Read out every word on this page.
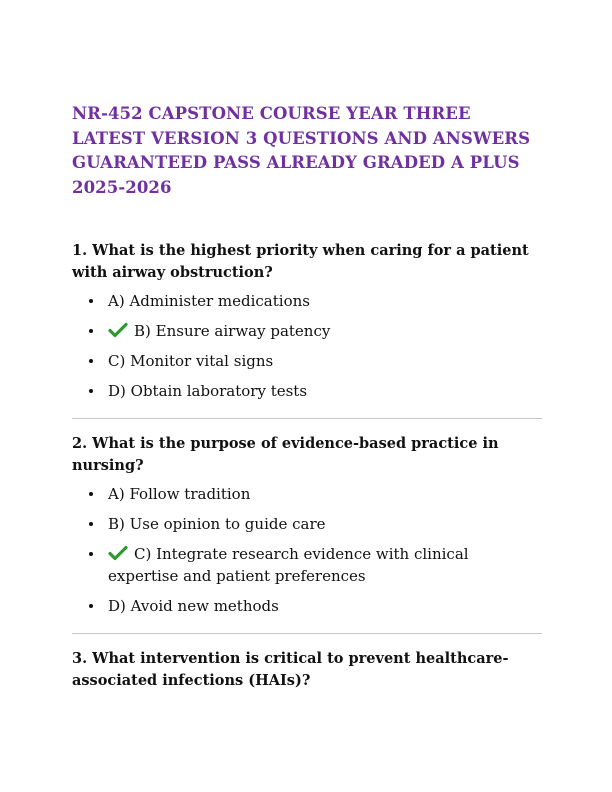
NR-452 CAPSTONE COURSE YEAR THREE LATEST VERSION 3 QUESTIONS AND ANSWERS GUARANTEED PASS ALREADY GRADED A PLUS 2025-2026

1. What is the highest priority when caring for a patient with airway obstruction?

A) Administer medications
B) Ensure airway patency
C) Monitor vital signs
D) Obtain laboratory tests

2. What is the purpose of evidence-based practice in nursing?

A) Follow tradition
B) Use opinion to guide care
C) Integrate research evidence with clinical expertise and patient preferences
D) Avoid new methods

3. What intervention is critical to prevent healthcare-associated infections (HAIs)?
